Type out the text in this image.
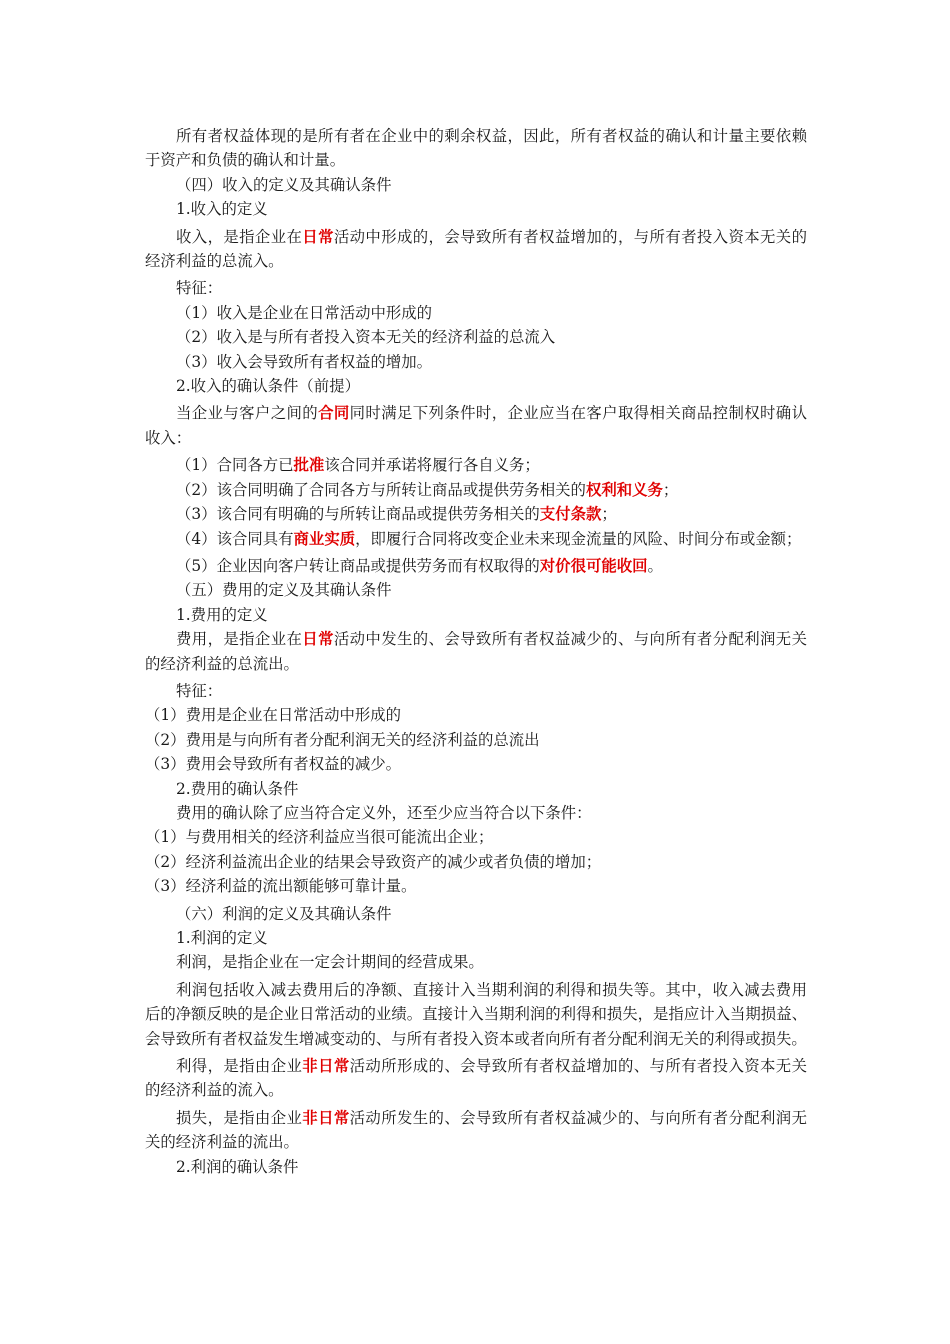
所有者权益体现的是所有者在企业中的剩余权益，因此，所有者权益的确认和计量主要依赖于资产和负债的确认和计量。

（四）收入的定义及其确认条件

1.收入的定义

收入，是指企业在日常活动中形成的，会导致所有者权益增加的，与所有者投入资本无关的经济利益的总流入。

特征：

（1）收入是企业在日常活动中形成的

（2）收入是与所有者投入资本无关的经济利益的总流入

（3）收入会导致所有者权益的增加。

2.收入的确认条件（前提）

当企业与客户之间的合同同时满足下列条件时，企业应当在客户取得相关商品控制权时确认收入：

（1）合同各方已批准该合同并承诺将履行各自义务；

（2）该合同明确了合同各方与所转让商品或提供劳务相关的权利和义务；

（3）该合同有明确的与所转让商品或提供劳务相关的支付条款；

（4）该合同具有商业实质，即履行合同将改变企业未来现金流量的风险、时间分布或金额；

（5）企业因向客户转让商品或提供劳务而有权取得的对价很可能收回。

（五）费用的定义及其确认条件

1.费用的定义

费用，是指企业在日常活动中发生的、会导致所有者权益减少的、与向所有者分配利润无关的经济利益的总流出。

特征：

（1）费用是企业在日常活动中形成的

（2）费用是与向所有者分配利润无关的经济利益的总流出

（3）费用会导致所有者权益的减少。

2.费用的确认条件

费用的确认除了应当符合定义外，还至少应当符合以下条件：

（1）与费用相关的经济利益应当很可能流出企业；

（2）经济利益流出企业的结果会导致资产的减少或者负债的增加；

（3）经济利益的流出额能够可靠计量。

（六）利润的定义及其确认条件

1.利润的定义

利润，是指企业在一定会计期间的经营成果。

利润包括收入减去费用后的净额、直接计入当期利润的利得和损失等。其中，收入减去费用后的净额反映的是企业日常活动的业绩。直接计入当期利润的利得和损失，是指应计入当期损益、会导致所有者权益发生增减变动的、与所有者投入资本或者向所有者分配利润无关的利得或损失。

利得，是指由企业非日常活动所形成的、会导致所有者权益增加的、与所有者投入资本无关的经济利益的流入。

损失，是指由企业非日常活动所发生的、会导致所有者权益减少的、与向所有者分配利润无关的经济利益的流出。

2.利润的确认条件
